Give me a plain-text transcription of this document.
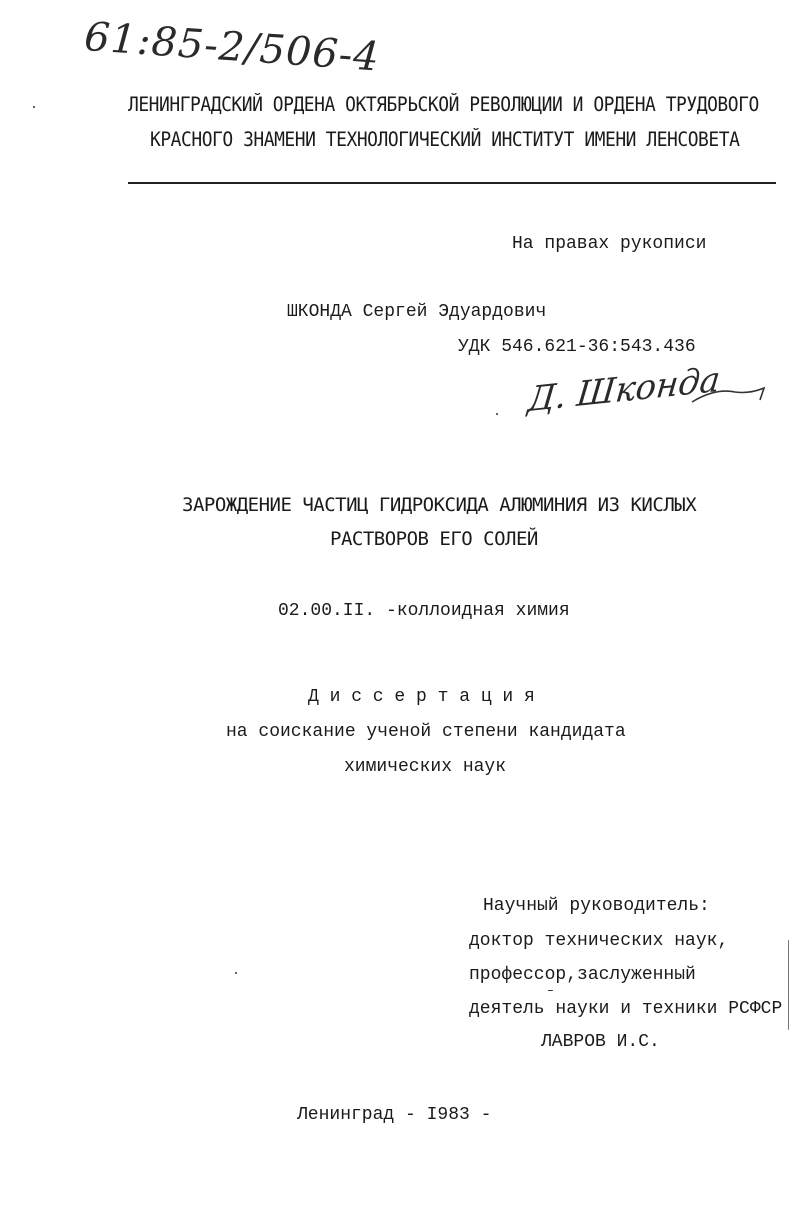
61:85-2/506-4
ЛЕНИНГРАДСКИЙ ОРДЕНА ОКТЯБРЬСКОЙ РЕВОЛЮЦИИ И ОРДЕНА ТРУДОВОГО
КРАСНОГО ЗНАМЕНИ ТЕХНОЛОГИЧЕСКИЙ ИНСТИТУТ ИМЕНИ ЛЕНСОВЕТА
На правах рукописи
ШКОНДА Сергей Эдуардович
УДК 546.621-36:543.436
Д. Шконда
ЗАРОЖДЕНИЕ ЧАСТИЦ ГИДРОКСИДА АЛЮМИНИЯ ИЗ КИСЛЫХ
РАСТВОРОВ ЕГО СОЛЕЙ
02.00.II. -коллоидная химия
Д и с с е р т а ц и я
на соискание ученой степени кандидата
химических наук
Научный руководитель:
доктор технических наук,
профессор,заслуженный
деятель науки и техники РСФСР
ЛАВРОВ И.С.
Ленинград - I983 -
